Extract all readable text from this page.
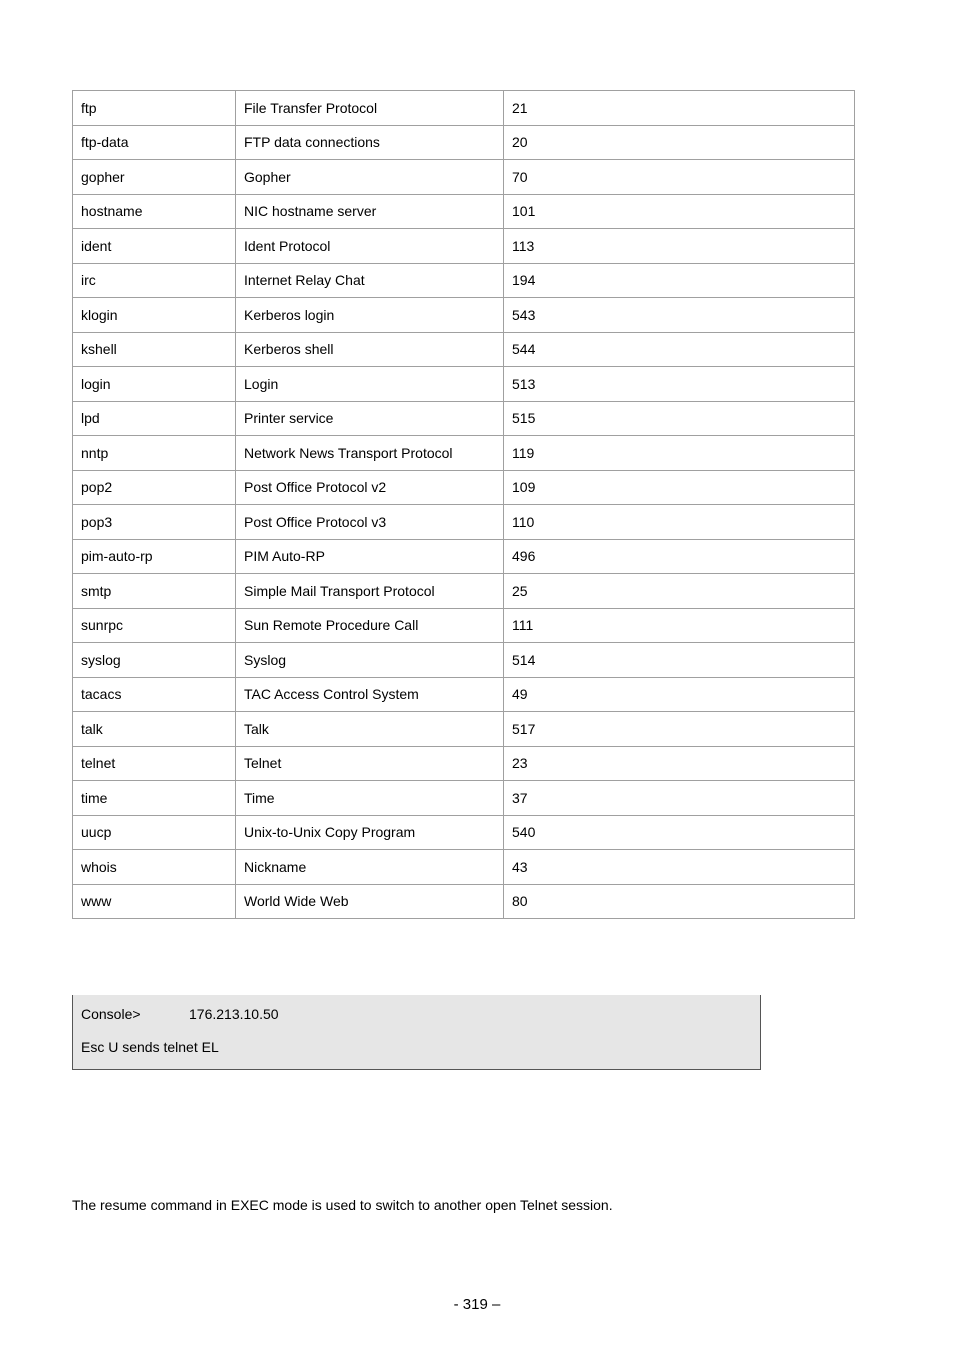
ftp	File Transfer Protocol	21
ftp-data	FTP data connections	20
gopher	Gopher	70
hostname	NIC hostname server	101
ident	Ident Protocol	113
irc	Internet Relay Chat	194
klogin	Kerberos login	543
kshell	Kerberos shell	544
login	Login	513
lpd	Printer service	515
nntp	Network News Transport Protocol	119
pop2	Post Office Protocol v2	109
pop3	Post Office Protocol v3	110
pim-auto-rp	PIM Auto-RP	496
smtp	Simple Mail Transport Protocol	25
sunrpc	Sun Remote Procedure Call	111
syslog	Syslog	514
tacacs	TAC Access Control System	49
talk	Talk	517
telnet	Telnet	23
time	Time	37
uucp	Unix-to-Unix Copy Program	540
whois	Nickname	43
www	World Wide Web	80
Console>	176.213.10.50
Esc U sends telnet EL
The resume command in EXEC mode is used to switch to another open Telnet session.
- 319 –
